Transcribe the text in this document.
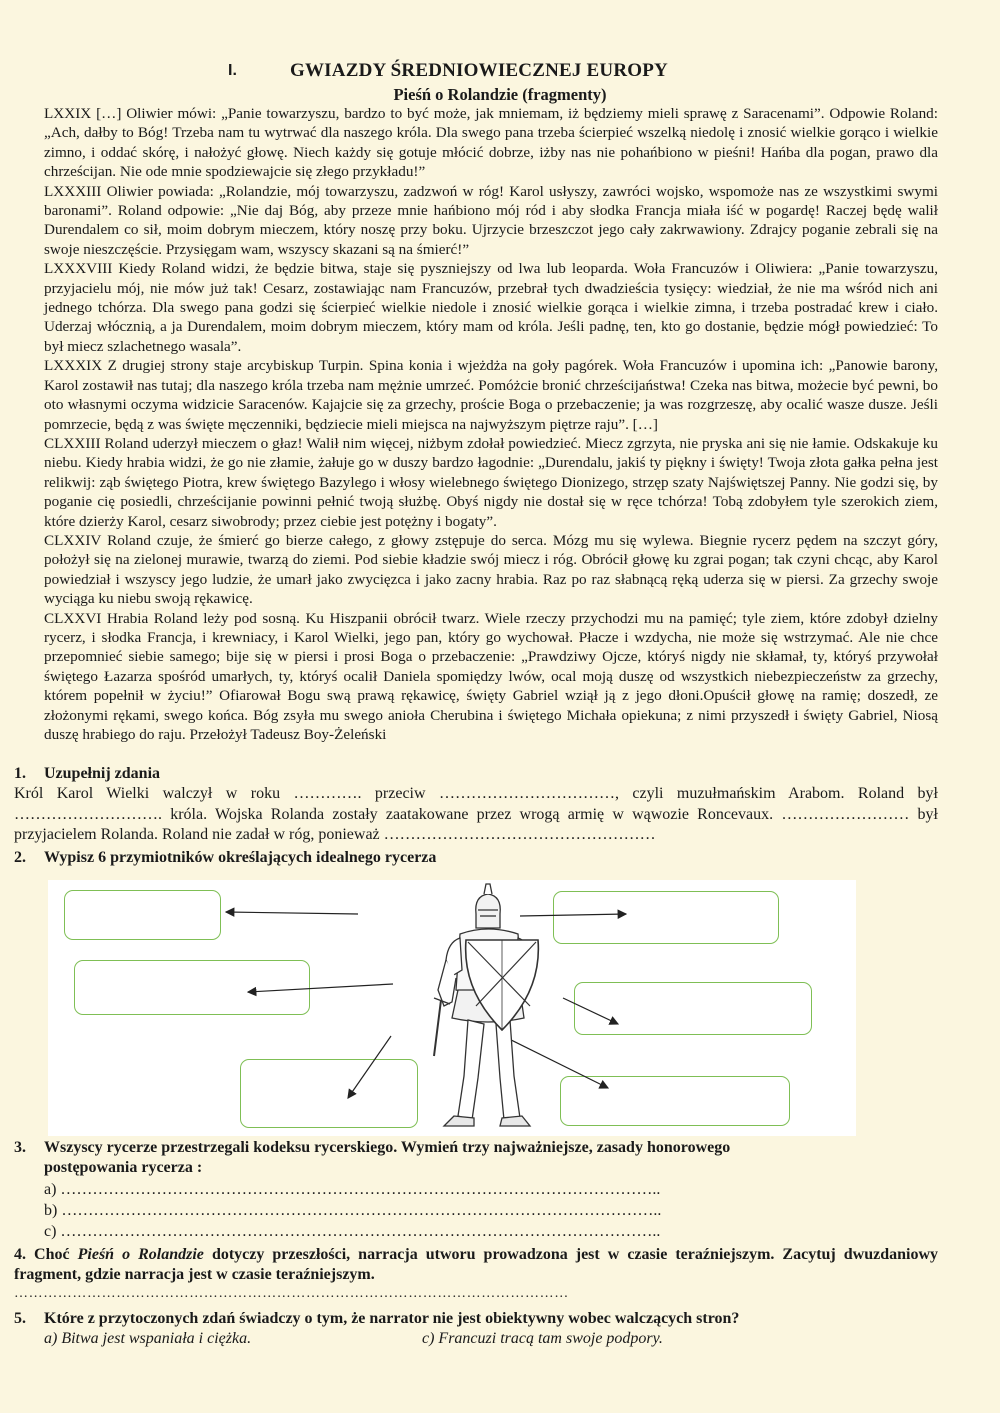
I.	GWIAZDY ŚREDNIOWIECZNEJ EUROPY
Pieśń o Rolandzie (fragmenty)

LXXIX […] Oliwier mówi: „Panie towarzyszu, bardzo to być może, jak mniemam, iż będziemy mieli sprawę z Saracenami”. Odpowie Roland: „Ach, dałby to Bóg! Trzeba nam tu wytrwać dla naszego króla. Dla swego pana trzeba ścierpieć wszelką niedolę i znosić wielkie gorąco i wielkie zimno, i oddać skórę, i nałożyć głowę. Niech każdy się gotuje młócić dobrze, iżby nas nie pohańbiono w pieśni! Hańba dla pogan, prawo dla chrześcijan. Nie ode mnie spodziewajcie się złego przykładu!”

LXXXIII Oliwier powiada: „Rolandzie, mój towarzyszu, zadzwoń w róg! Karol usłyszy, zawróci wojsko, wspomoże nas ze wszystkimi swymi baronami”. Roland odpowie: „Nie daj Bóg, aby przeze mnie hańbiono mój ród i aby słodka Francja miała iść w pogardę! Raczej będę walił Durendalem co sił, moim dobrym mieczem, który noszę przy boku. Ujrzycie brzeszczot jego cały zakrwawiony. Zdrajcy poganie zebrali się na swoje nieszczęście. Przysięgam wam, wszyscy skazani są na śmierć!”

LXXXVIII Kiedy Roland widzi, że będzie bitwa, staje się pyszniejszy od lwa lub leoparda. Woła Francuzów i Oliwiera: „Panie towarzyszu, przyjacielu mój, nie mów już tak! Cesarz, zostawiając nam Francuzów, przebrał tych dwadzieścia tysięcy: wiedział, że nie ma wśród nich ani jednego tchórza. Dla swego pana godzi się ścierpieć wielkie niedole i znosić wielkie gorąca i wielkie zimna, i trzeba postradać krew i ciało. Uderzaj włócznią, a ja Durendalem, moim dobrym mieczem, który mam od króla. Jeśli padnę, ten, kto go dostanie, będzie mógł powiedzieć: To był miecz szlachetnego wasala”.

LXXXIX Z drugiej strony staje arcybiskup Turpin. Spina konia i wjeżdża na goły pagórek. Woła Francuzów i upomina ich: „Panowie barony, Karol zostawił nas tutaj; dla naszego króla trzeba nam mężnie umrzeć. Pomóżcie bronić chrześcijaństwa! Czeka nas bitwa, możecie być pewni, bo oto własnymi oczyma widzicie Saracenów. Kajajcie się za grzechy, proście Boga o przebaczenie; ja was rozgrzeszę, aby ocalić wasze dusze. Jeśli pomrzecie, będą z was święte męczenniki, będziecie mieli miejsca na najwyższym piętrze raju”. […]

CLXXIII Roland uderzył mieczem o głaz! Walił nim więcej, niżbym zdołał powiedzieć. Miecz zgrzyta, nie pryska ani się nie łamie. Odskakuje ku niebu. Kiedy hrabia widzi, że go nie złamie, żałuje go w duszy bardzo łagodnie: „Durendalu, jakiś ty piękny i święty! Twoja złota gałka pełna jest relikwij: ząb świętego Piotra, krew świętego Bazylego i włosy wielebnego świętego Dionizego, strzęp szaty Najświętszej Panny. Nie godzi się, by poganie cię posiedli, chrześcijanie powinni pełnić twoją służbę. Obyś nigdy nie dostał się w ręce tchórza! Tobą zdobyłem tyle szerokich ziem, które dzierży Karol, cesarz siwobrody; przez ciebie jest potężny i bogaty”.

CLXXIV Roland czuje, że śmierć go bierze całego, z głowy zstępuje do serca. Mózg mu się wylewa. Biegnie rycerz pędem na szczyt góry, położył się na zielonej murawie, twarzą do ziemi. Pod siebie kładzie swój miecz i róg. Obrócił głowę ku zgrai pogan; tak czyni chcąc, aby Karol powiedział i wszyscy jego ludzie, że umarł jako zwycięzca i jako zacny hrabia. Raz po raz słabnącą ręką uderza się w piersi. Za grzechy swoje wyciąga ku niebu swoją rękawicę.

CLXXVI Hrabia Roland leży pod sosną. Ku Hiszpanii obrócił twarz. Wiele rzeczy przychodzi mu na pamięć; tyle ziem, które zdobył dzielny rycerz, i słodka Francja, i krewniacy, i Karol Wielki, jego pan, który go wychował. Płacze i wzdycha, nie może się wstrzymać. Ale nie chce przepomnieć siebie samego; bije się w piersi i prosi Boga o przebaczenie: „Prawdziwy Ojcze, któryś nigdy nie skłamał, ty, któryś przywołał świętego Łazarza spośród umarłych, ty, któryś ocalił Daniela spomiędzy lwów, ocal moją duszę od wszystkich niebezpieczeństw za grzechy, którem popełnił w życiu!” Ofiarował Bogu swą prawą rękawicę, święty Gabriel wziął ją z jego dłoni.Opuścił głowę na ramię; doszedł, ze złożonymi rękami, swego końca. Bóg zsyła mu swego anioła Cherubina i świętego Michała opiekuna; z nimi przyszedł i święty Gabriel, Niosą duszę hrabiego do raju. Przełożył Tadeusz Boy-Żeleński

1. Uzupełnij zdania

Król Karol Wielki walczył w roku …………. przeciw ……………………………, czyli muzułmańskim Arabom. Roland był ………………………. króla. Wojska Rolanda zostały zaatakowane przez wrogą armię w wąwozie Roncevaux. …………………… był przyjacielem Rolanda. Roland nie zadał w róg, ponieważ ……………………………………………

2. Wypisz 6 przymiotników określających idealnego rycerza
3. Wszyscy rycerze przestrzegali kodeksu rycerskiego. Wymień trzy najważniejsze, zasady honorowego
postępowania rycerza :
a) …………………………………………………………………………………………………..
b) …………………………………………………………………………………………………..
c) …………………………………………………………………………………………………..
4. Choć Pieśń o Rolandzie dotyczy przeszłości, narracja utworu prowadzona jest w czasie teraźniejszym. Zacytuj dwuzdaniowy fragment, gdzie narracja jest w czasie teraźniejszym.
……………………………………………………………………………………………………
5. Które z przytoczonych zdań świadczy o tym, że narrator nie jest obiektywny wobec walczących stron?
a) Bitwa jest wspaniała i ciężka.	c) Francuzi tracą tam swoje podpory.
